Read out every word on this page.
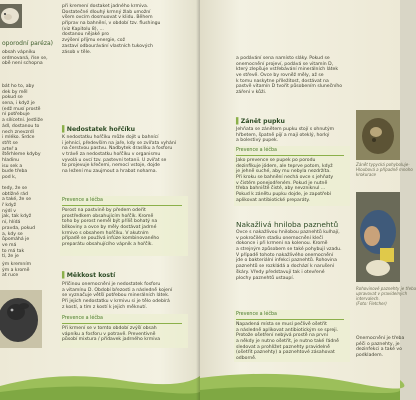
oporodní paréza)
obsah vápníku
ordmovaná, říse se,
obě není schopna
bát ho to, aby
dek by měl
pokud se
sena, i když je
(edž musí prostě
ní potřebuje
a sílícetní. Jestliže
ádl, dostanou to
nech znevzrdí
i mléko. Srdce
střít se
arteř a
štěrhleme kdyby
hladinu
isu sek a
bude třeba
pod k,
tedy, že se
obtížné rád
a také, že se
ř když
nýdí v
jak, tak když
ní, hlídá
pravda, pokud
a, kdy se
ůpomáhá je
ve má
to má tak
tí, že je
ým kremním
ým a kromě
at ruce
při kremení dostaket jadného krmiva.
Dostatečné dlouhý krmný žlab umožní
všem ovcím dosmuovat v klidu. Během
příprav na bahnění, v období tzv. flushingu
(viz Kapitolu 8), ...
dostanou nějaké pro
zvýšení příjmu energie, což
zastaví odbourávání vlastních tukových
zásob v těle.
▌Nedostatek hořčíku
K nedostatku hořčíku může dojít u bahnící
i jehnící, především na jaře, kdy se zvířata vyhání
na čerstvou pastvu. Nadbytek draslíku a fosforu
v trávě za nedostatku hořčíku v organismu
vyvolá u ovcí tzv. pastevní tetanii. U zvířat se
to projevuje křečemi, nemocí vstoje, dojde
na ležení mu zaujmout a hrabat nohama.
Prevence a léčba
Porost na pastvině by předem odeřit
prostředkem obsahujícím hořčík. Kromě
toho by porost neměl být příliš bohatý na
bílkoviny a ovce by měly dostávat jadrné
krmivo s obsahem hořčíku. V akutním
případě se používá infúze kombinovaného
preparátu obsahujícího vápník a hořčík.
▌Měkkost kostí
Příčinou onemocnění je nedostatek fosforu
a vitamínu D. Období březosti a následně kojení
se vyznačuje větší potřebou minerálních látek.
Při jejich nedostatku v krmivu si je tělo odebírá
z kostí, a tím z kostí k jejich měknutí.
Prevence a léčba
Při krmení se v tomto období zvýší obsah
vápníku a fosforu v potravě. Preventivně
působí mixtura / přídavek jadrného krmiva
a podávání sena namísto sláky. Pokud se
onemocnění projeví, podává se vitamín D,
který zlepšuje vstřebávání minerálních látek
ve střevě. Ovce by rovněž měly, až se
k tomu naskytne příležitost, dostávat na
pastvě vitamín D tvořit působením slunečního
záření v kůži.
▌Zánět pupku
Jehňata se zánětem pupku stojí s ohnutým
hřbetem, špatně pijí a mají oteklý, horký
a bolestivý pupek.
Prevence a léčba
Jako prevence se pupek po porodu
dezinfikuje jódem, ale teprve potom, když
je jehně suché, aby mu nebyla nezdržíta.
Při kroku se bahnění nechá ovce s jehňaty
v čistém ponejodřeném. Pokud je nutně
třeba bahniště čisté, aby nevzniknul ...
Pokud k zánětu pupku dojde, je zapotřebí
aplikovat antibiotické preparáty.
Nakažlivá hniloba paznehtů
Ovce s nakažlivou hnilobou paznehtů kulhají,
v pokročilém stadiu onemocnění klečí
dokonce i při krmení na kolenou. Kromě
a strejným způsobem se také pohybují vzadu.
V případě tohoto nakažlivého onemocnění
jde o bakteriální infekci paznehtů. Rohovina
paznehtů se rozkládá a dochází k narušení
škáry. Vředy představují tak i otevřené
plochy paznehtů ustaupí.
Prevence a léčba
Napadená místa se musí pečlivě ošetřit
a následně aplikovat antibiotickým se spreji.
Protože ošetření nebývá prostě na první
a někdy je nutno ošetřit, je nutno také řádně
sledovat a prohlížet paznehty pravidelně
(ošetřit paznehty) a paznehtové zásahovat
odborně.
Zánět typycká pohyboluje-
Hloubová a případně mnoho
krokurace
Rohovinové paznehty je třeba
upravovat v pravidelných
intervalech.
(Foto: Fletcher)
Onemocnění je třeba
péči o paznehty, je
dezinfekci a také vo
podkladem.
